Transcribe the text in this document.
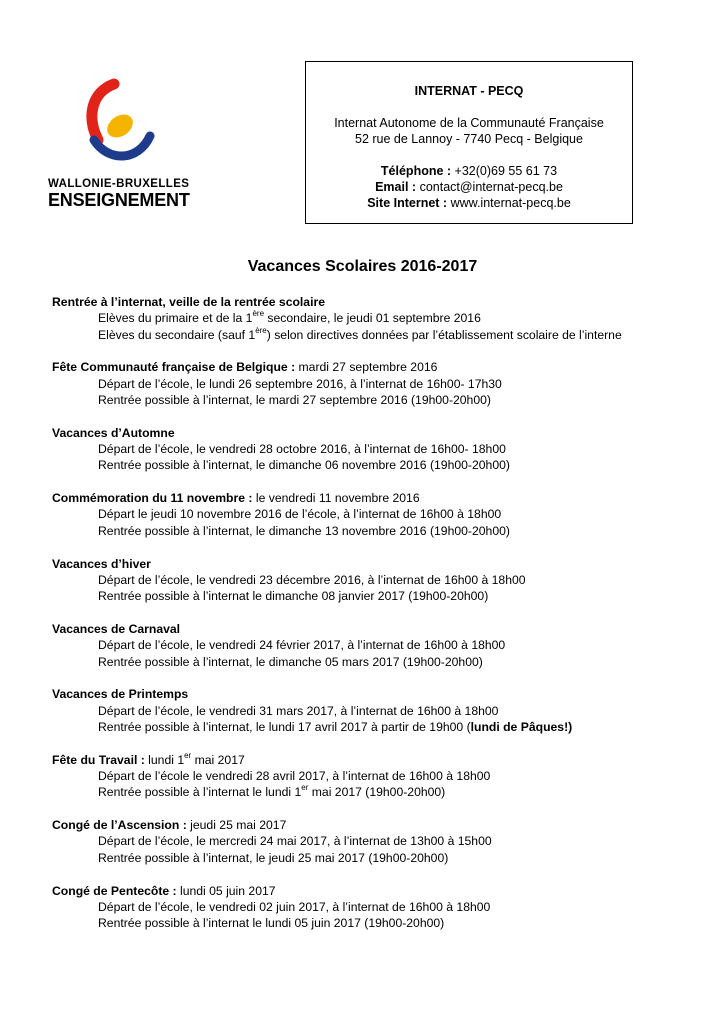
WALLONIE-BRUXELLES
ENSEIGNEMENT
INTERNAT - PECQ
Internat Autonome de la Communauté Française
52 rue de Lannoy - 7740 Pecq - Belgique
Téléphone : +32(0)69 55 61 73
Email : contact@internat-pecq.be
Site Internet : www.internat-pecq.be
Vacances Scolaires 2016-2017
Rentrée à l’internat, veille de la rentrée scolaire
Elèves du primaire et de la 1ère secondaire, le jeudi 01 septembre 2016
Elèves du secondaire (sauf 1ère) selon directives données par l’établissement scolaire de l’interne
Fête Communauté française de Belgique : mardi 27 septembre 2016
Départ de l’école, le lundi 26 septembre 2016, à l’internat de 16h00- 17h30
Rentrée possible à l’internat, le mardi 27 septembre 2016 (19h00-20h00)
Vacances d’Automne
Départ de l’école, le vendredi 28 octobre 2016, à l’internat de 16h00- 18h00
Rentrée possible à l’internat, le dimanche 06 novembre 2016 (19h00-20h00)
Commémoration du 11 novembre : le vendredi 11 novembre 2016
Départ le jeudi 10 novembre 2016 de l’école, à l’internat de 16h00 à 18h00
Rentrée possible à l’internat, le dimanche 13 novembre 2016 (19h00-20h00)
Vacances d’hiver
Départ de l’école, le vendredi 23 décembre 2016, à l’internat de 16h00 à 18h00
Rentrée possible à l’internat le dimanche 08 janvier 2017 (19h00-20h00)
Vacances de Carnaval
Départ de l’école, le vendredi 24 février 2017, à l’internat de 16h00 à 18h00
Rentrée possible à l’internat, le dimanche 05 mars 2017 (19h00-20h00)
Vacances de Printemps
Départ de l’école, le vendredi 31 mars 2017, à l’internat de 16h00 à 18h00
Rentrée possible à l’internat, le lundi 17 avril 2017 à partir de 19h00 (lundi de Pâques!)
Fête du Travail : lundi 1er mai 2017
Départ de l’école le vendredi 28 avril 2017, à l’internat de 16h00 à 18h00
Rentrée possible à l’internat le lundi 1er mai 2017 (19h00-20h00)
Congé de l’Ascension : jeudi 25 mai 2017
Départ de l’école, le mercredi 24 mai 2017, à l’internat de 13h00 à 15h00
Rentrée possible à l’internat, le jeudi 25 mai 2017 (19h00-20h00)
Congé de Pentecôte : lundi 05 juin 2017
Départ de l’école, le vendredi 02 juin 2017, à l’internat de 16h00 à 18h00
Rentrée possible à l’internat le lundi 05 juin 2017 (19h00-20h00)
